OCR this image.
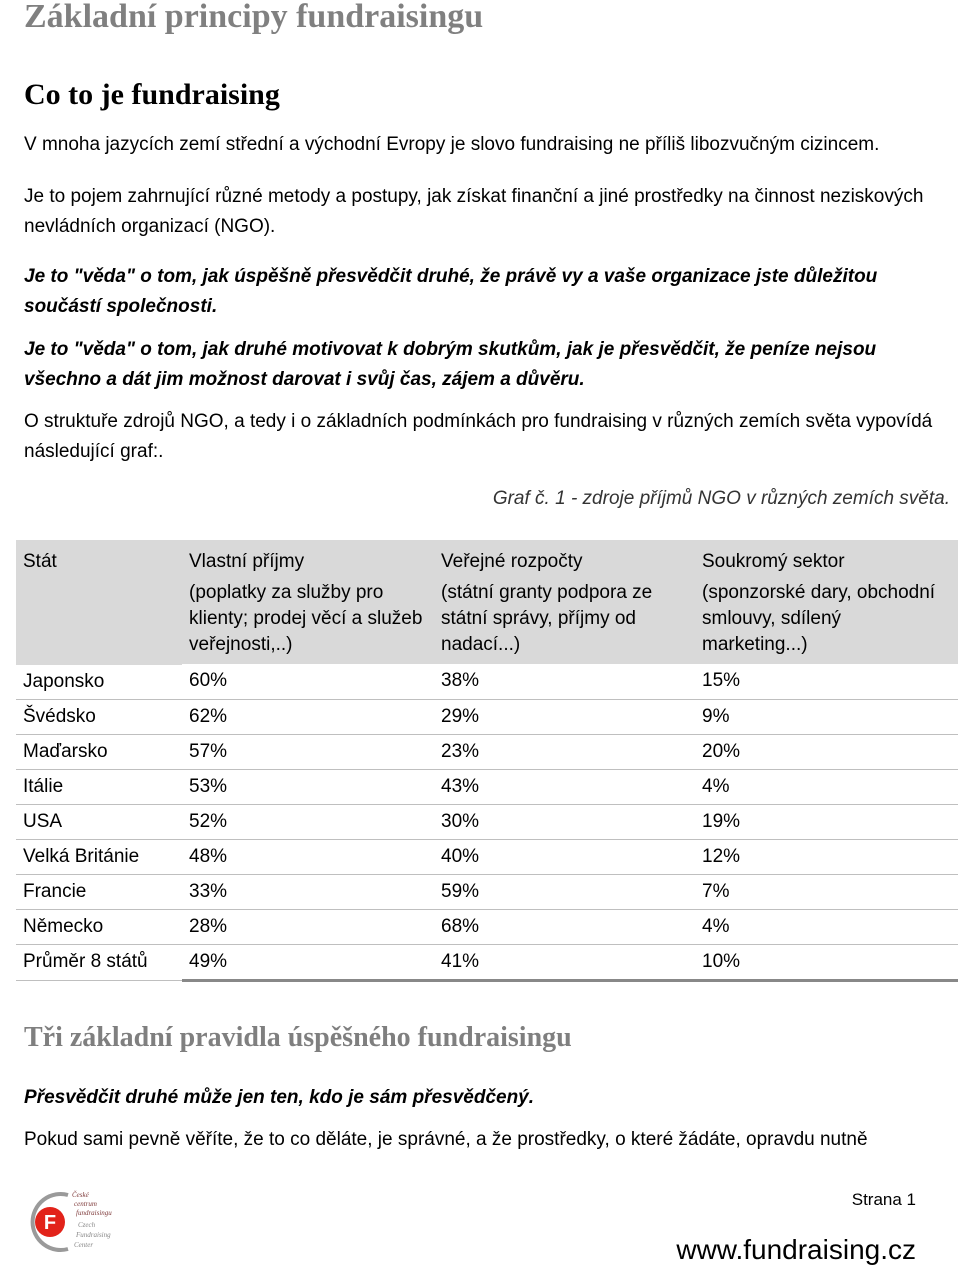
Základní principy fundraisingu
Co to je fundraising

V mnoha jazycích zemí střední a východní Evropy je slovo fundraising ne příliš libozvučným cizincem.

Je to pojem zahrnující různé metody a postupy, jak získat finanční a jiné prostředky na činnost neziskových nevládních organizací (NGO).

Je to "věda" o tom, jak úspěšně přesvědčit druhé, že právě vy a vaše organizace jste důležitou součástí společnosti.

Je to "věda" o tom, jak druhé motivovat k dobrým skutkům, jak je přesvědčit, že peníze nejsou všechno a dát jim možnost darovat i svůj čas, zájem a důvěru.

O struktuře zdrojů NGO, a tedy i o základních podmínkách pro fundraising v různých zemích světa vypovídá následující graf:.

Graf č. 1 - zdroje příjmů NGO v různých zemích světa.
Stát	Vlastní příjmy	Veřejné rozpočty	Soukromý sektor
	(poplatky za služby pro klienty; prodej věcí a služeb veřejnosti,..)	(státní granty podpora ze státní správy, příjmy od nadací...)	(sponzorské dary, obchodní smlouvy, sdílený marketing...)
Japonsko	60%	38%	15%
Švédsko	62%	29%	9%
Maďarsko	57%	23%	20%
Itálie	53%	43%	4%
USA	52%	30%	19%
Velká Británie	48%	40%	12%
Francie	33%	59%	7%
Německo	28%	68%	4%
Průměr 8 států	49%	41%	10%
Tři základní pravidla úspěšného fundraisingu

Přesvědčit druhé může jen ten, kdo je sám přesvědčený.

Pokud sami pevně věříte, že to co děláte, je správné, a že prostředky, o které žádáte, opravdu nutně

F
České
centrum
fundraisingu
Czech
Fundraising
Center
Strana 1
www.fundraising.cz
